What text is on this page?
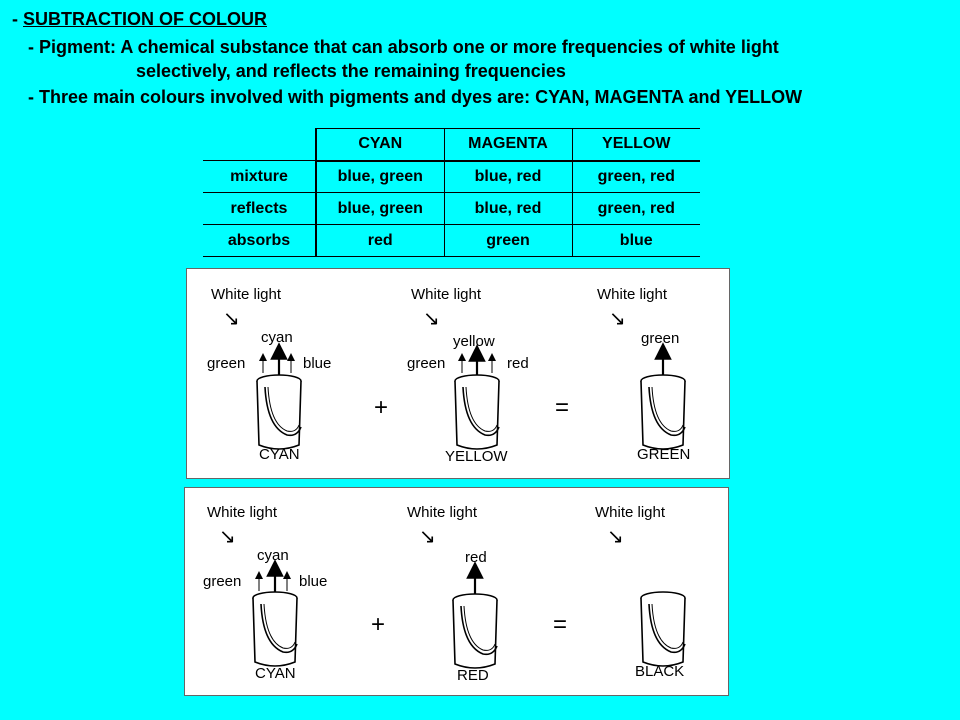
- SUBTRACTION OF COLOUR
- Pigment: A chemical substance that can absorb one or more frequencies of white light
selectively, and reflects the remaining frequencies
- Three main colours involved with pigments and dyes are: CYAN, MAGENTA and YELLOW
	CYAN	MAGENTA	YELLOW
mixture	blue, green	blue, red	green, red
reflects	blue, green	blue, red	green, red
absorbs	red	green	blue
White light	White light	White light
↘	↘	↘
cyan
green	blue
CYAN
+
yellow
green	red
YELLOW
=
green
GREEN
White light	White light	White light
↘	↘	↘
cyan
green	blue
CYAN
+
red
RED
=
BLACK
